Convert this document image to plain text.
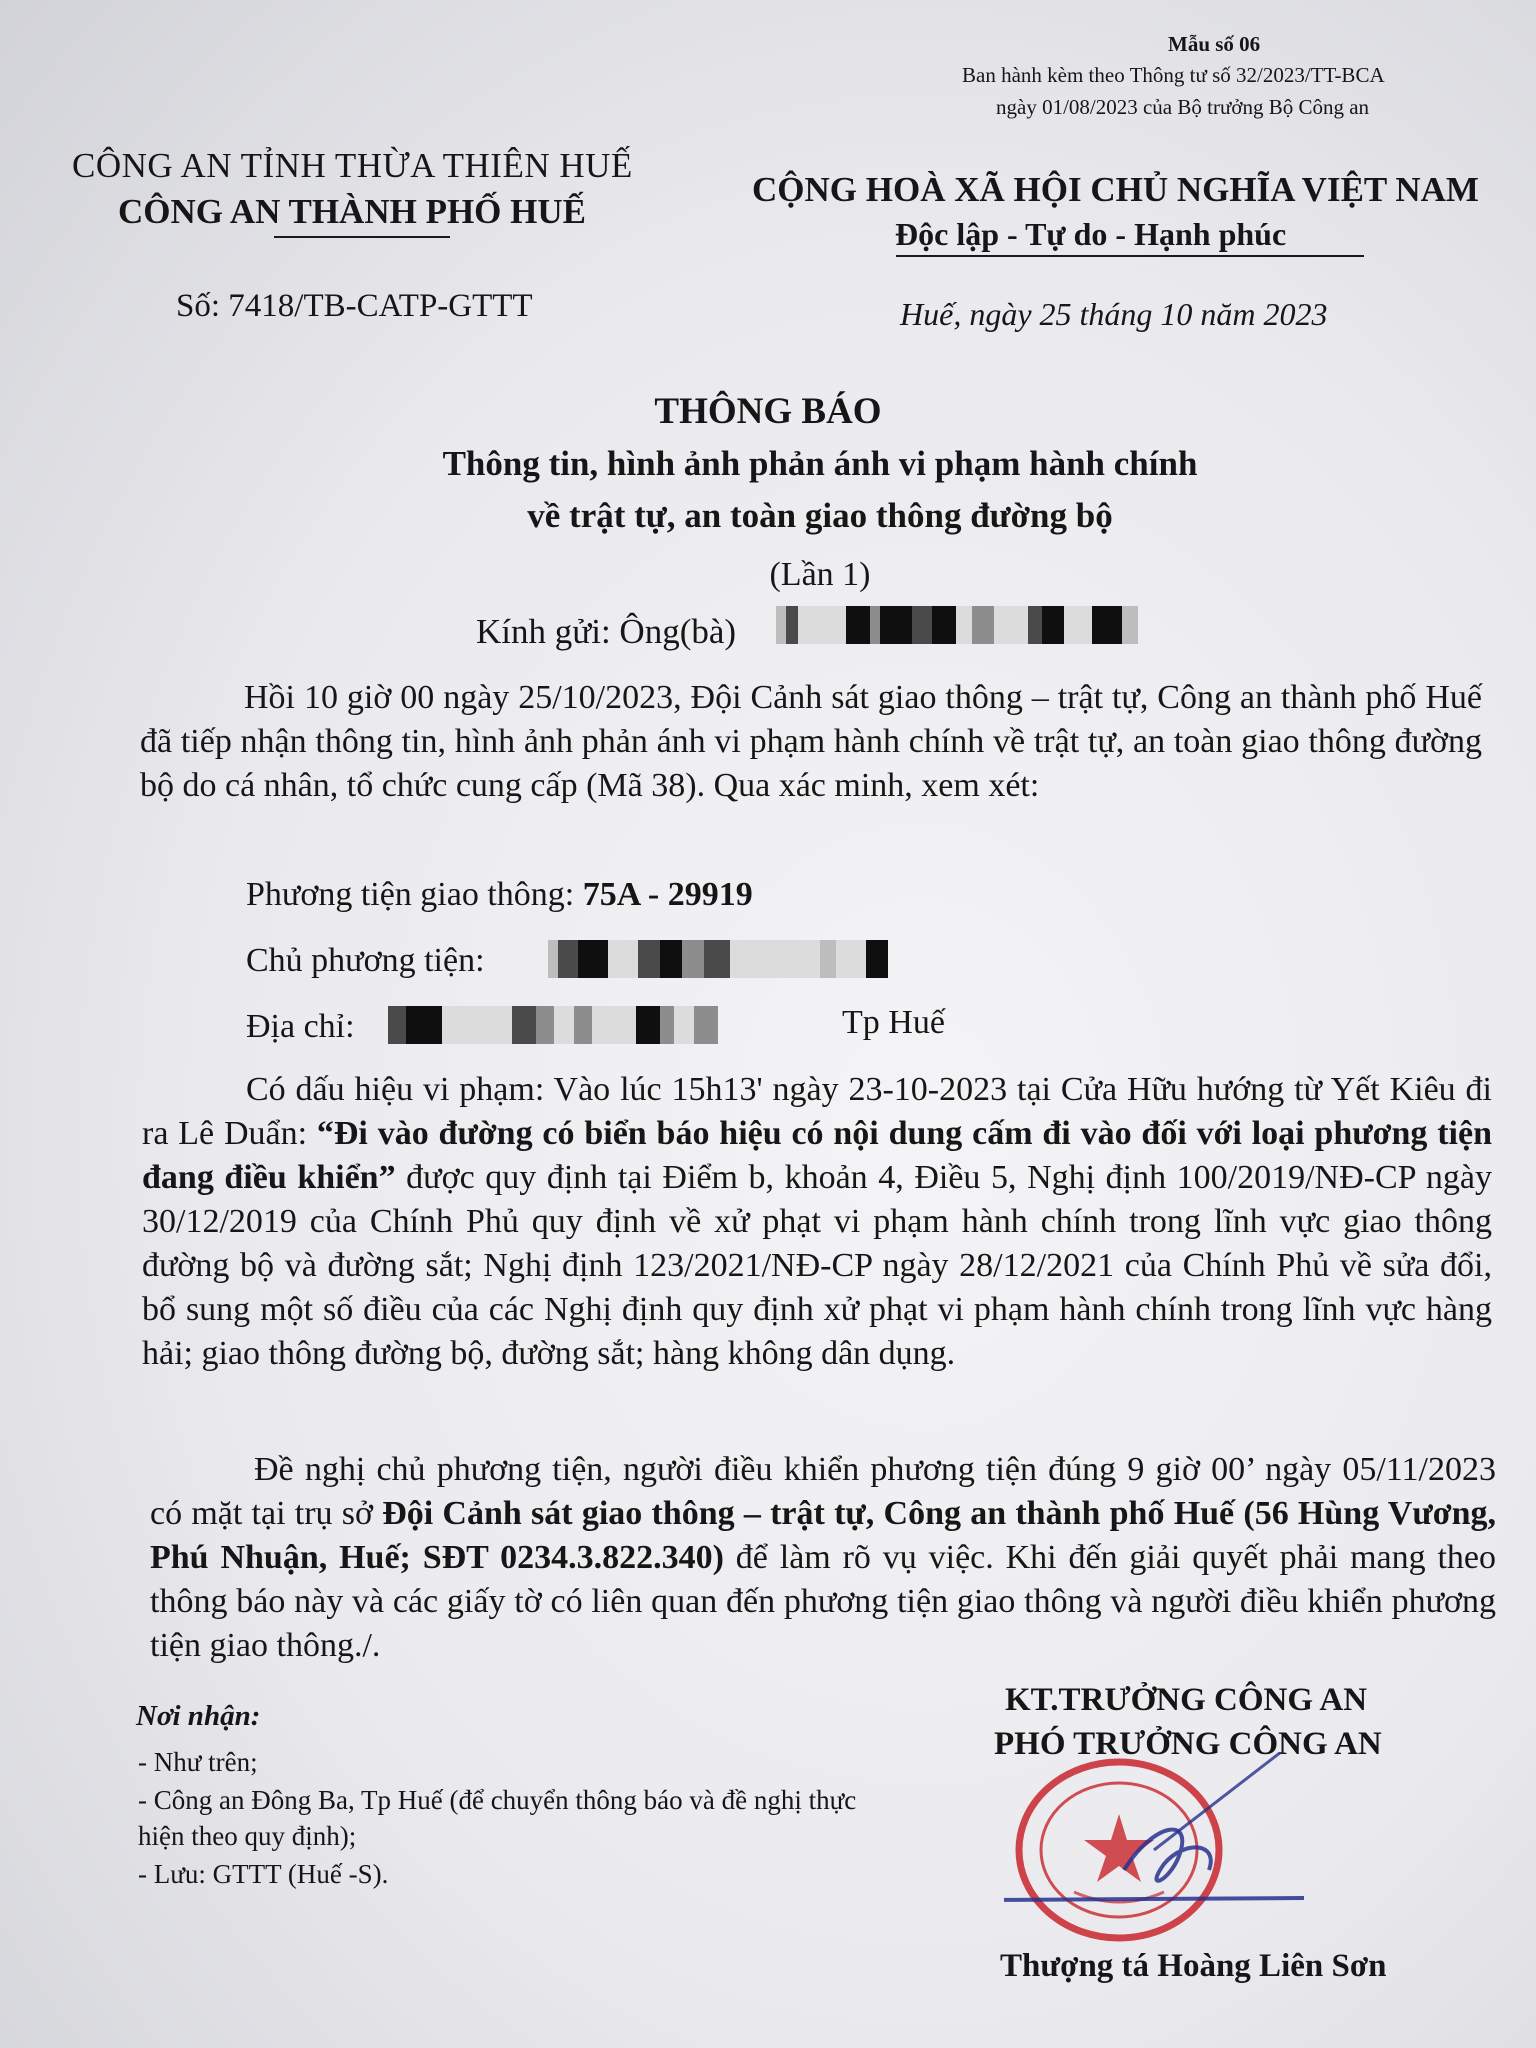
Mẫu số 06
Ban hành kèm theo Thông tư số 32/2023/TT-BCA
ngày 01/08/2023 của Bộ trưởng Bộ Công an
CÔNG AN TỈNH THỪA THIÊN HUẾ
CÔNG AN THÀNH PHỐ HUẾ
CỘNG HOÀ XÃ HỘI CHỦ NGHĨA VIỆT NAM
Độc lập - Tự do - Hạnh phúc
Số: 7418/TB-CATP-GTTT	Huế, ngày 25 tháng 10 năm 2023
THÔNG BÁO
Thông tin, hình ảnh phản ánh vi phạm hành chính
về trật tự, an toàn giao thông đường bộ
(Lần 1)
Kính gửi: Ông(bà)
Hồi 10 giờ 00 ngày 25/10/2023, Đội Cảnh sát giao thông – trật tự, Công an thành phố Huế đã tiếp nhận thông tin, hình ảnh phản ánh vi phạm hành chính về trật tự, an toàn giao thông đường bộ do cá nhân, tổ chức cung cấp (Mã 38). Qua xác minh, xem xét:
Phương tiện giao thông: 75A - 29919
Chủ phương tiện:
Địa chỉ:	Tp Huế
Có dấu hiệu vi phạm: Vào lúc 15h13' ngày 23-10-2023 tại Cửa Hữu hướng từ Yết Kiêu đi ra Lê Duẩn: “Đi vào đường có biển báo hiệu có nội dung cấm đi vào đối với loại phương tiện đang điều khiển” được quy định tại Điểm b, khoản 4, Điều 5, Nghị định 100/2019/NĐ-CP ngày 30/12/2019 của Chính Phủ quy định về xử phạt vi phạm hành chính trong lĩnh vực giao thông đường bộ và đường sắt; Nghị định 123/2021/NĐ-CP ngày 28/12/2021 của Chính Phủ về sửa đổi, bổ sung một số điều của các Nghị định quy định xử phạt vi phạm hành chính trong lĩnh vực hàng hải; giao thông đường bộ, đường sắt; hàng không dân dụng.
Đề nghị chủ phương tiện, người điều khiển phương tiện đúng 9 giờ 00’ ngày 05/11/2023 có mặt tại trụ sở Đội Cảnh sát giao thông – trật tự, Công an thành phố Huế (56 Hùng Vương, Phú Nhuận, Huế; SĐT 0234.3.822.340) để làm rõ vụ việc. Khi đến giải quyết phải mang theo thông báo này và các giấy tờ có liên quan đến phương tiện giao thông và người điều khiển phương tiện giao thông./.
Nơi nhận:
- Như trên;
- Công an Đông Ba, Tp Huế (để chuyển thông báo và đề nghị thực hiện theo quy định);
- Lưu: GTTT (Huế -S).
KT.TRƯỞNG CÔNG AN
PHÓ TRƯỞNG CÔNG AN
Thượng tá Hoàng Liên Sơn
